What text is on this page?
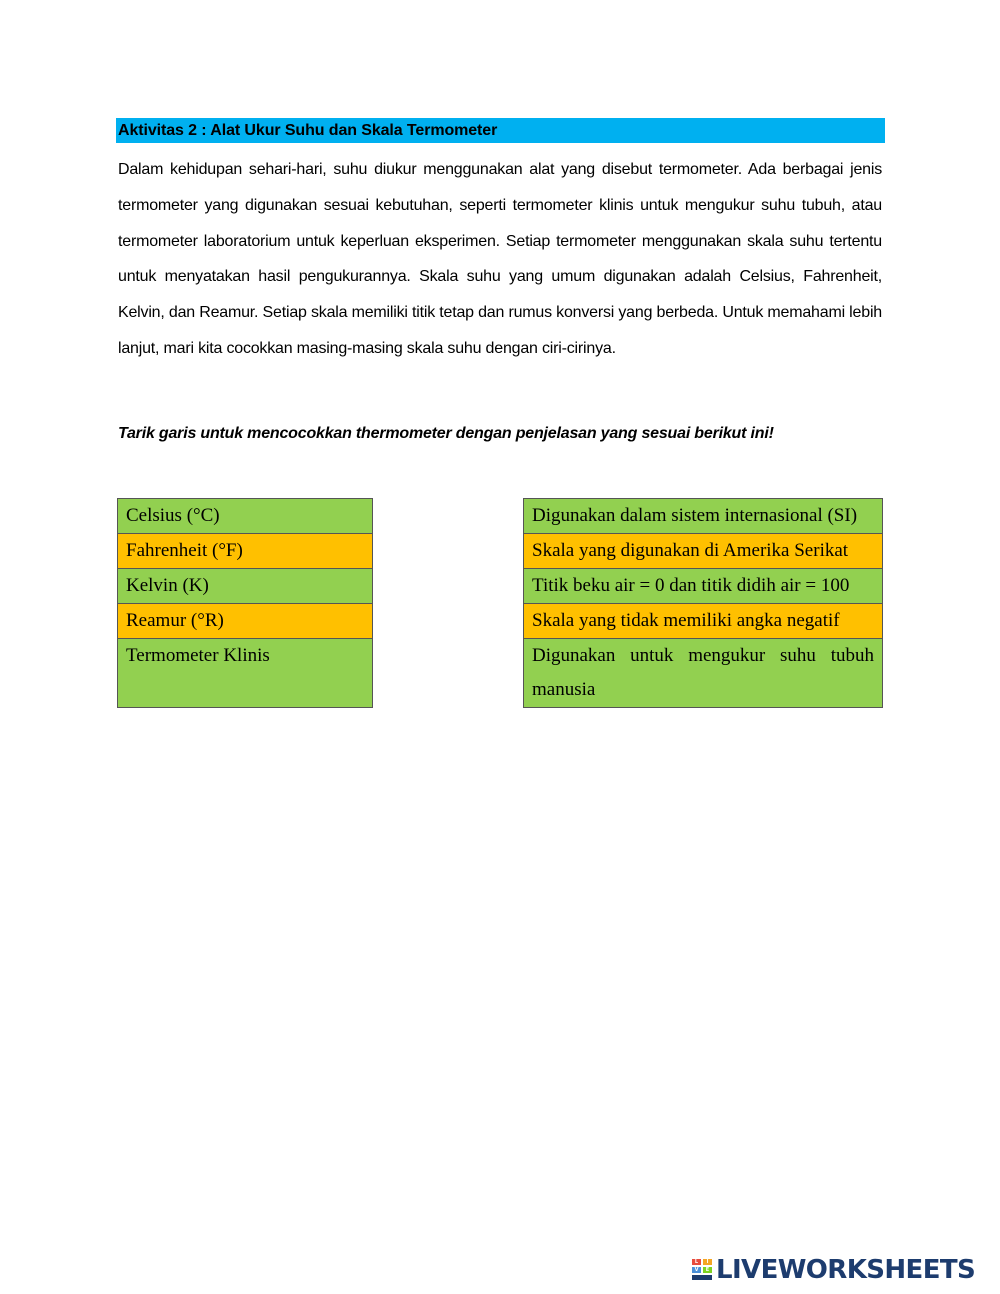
Aktivitas 2 : Alat Ukur Suhu dan Skala Termometer

Dalam kehidupan sehari-hari, suhu diukur menggunakan alat yang disebut termometer. Ada berbagai jenis termometer yang digunakan sesuai kebutuhan, seperti termometer klinis untuk mengukur suhu tubuh, atau termometer laboratorium untuk keperluan eksperimen. Setiap termometer menggunakan skala suhu tertentu untuk menyatakan hasil pengukurannya. Skala suhu yang umum digunakan adalah Celsius, Fahrenheit, Kelvin, dan Reamur. Setiap skala memiliki titik tetap dan rumus konversi yang berbeda. Untuk memahami lebih lanjut, mari kita cocokkan masing-masing skala suhu dengan ciri-cirinya.

Tarik garis untuk mencocokkan thermometer dengan penjelasan yang sesuai berikut ini!

Celsius (°C)
Fahrenheit (°F)
Kelvin (K)
Reamur (°R)
Termometer Klinis
Digunakan dalam sistem internasional (SI)
Skala yang digunakan di Amerika Serikat
Titik beku air = 0 dan titik didih air = 100
Skala yang tidak memiliki angka negatif
Digunakan untuk mengukur suhu tubuh manusia
L	I
V	E LIVEWORKSHEETS
